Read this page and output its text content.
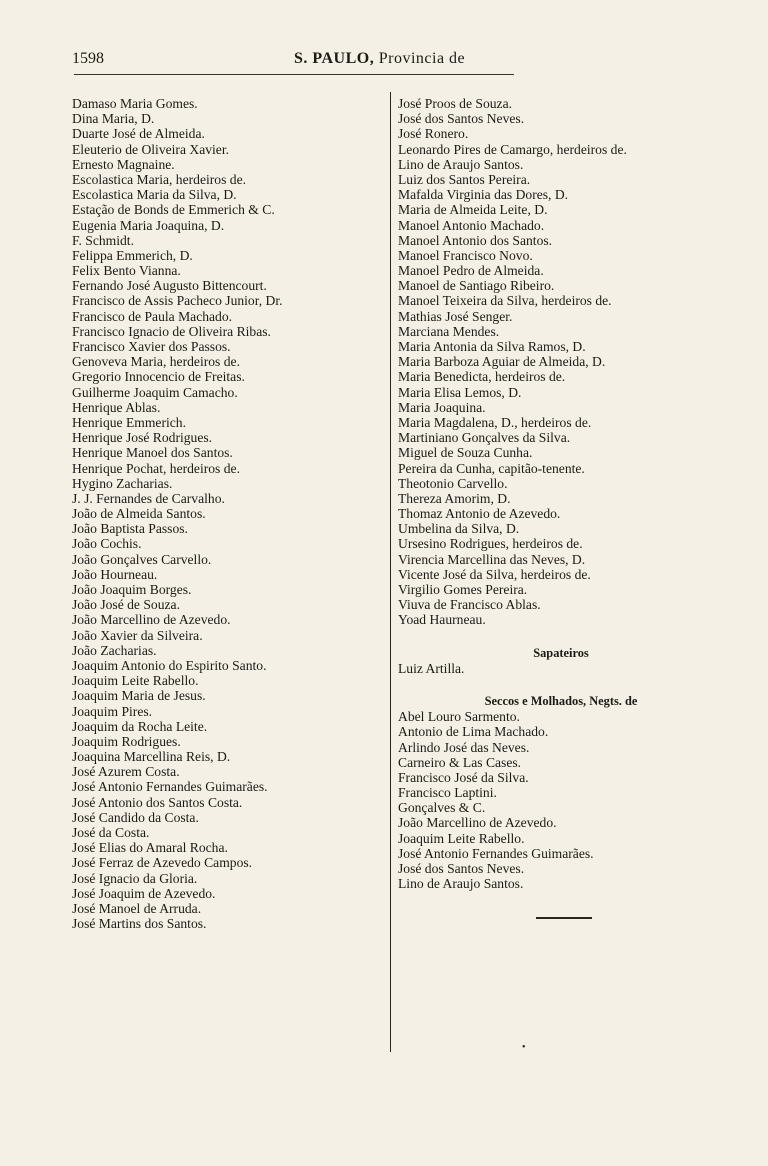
1598	S. PAULO, Provincia de
Damaso Maria Gomes.
Dina Maria, D.
Duarte José de Almeida.
Eleuterio de Oliveira Xavier.
Ernesto Magnaine.
Escolastica Maria, herdeiros de.
Escolastica Maria da Silva, D.
Estação de Bonds de Emmerich & C.
Eugenia Maria Joaquina, D.
F. Schmidt.
Felippa Emmerich, D.
Felix Bento Vianna.
Fernando José Augusto Bittencourt.
Francisco de Assis Pacheco Junior, Dr.
Francisco de Paula Machado.
Francisco Ignacio de Oliveira Ribas.
Francisco Xavier dos Passos.
Genoveva Maria, herdeiros de.
Gregorio Innocencio de Freitas.
Guilherme Joaquim Camacho.
Henrique Ablas.
Henrique Emmerich.
Henrique José Rodrigues.
Henrique Manoel dos Santos.
Henrique Pochat, herdeiros de.
Hygino Zacharias.
J. J. Fernandes de Carvalho.
João de Almeida Santos.
João Baptista Passos.
João Cochis.
João Gonçalves Carvello.
João Hourneau.
João Joaquim Borges.
João José de Souza.
João Marcellino de Azevedo.
João Xavier da Silveira.
João Zacharias.
Joaquim Antonio do Espirito Santo.
Joaquim Leite Rabello.
Joaquim Maria de Jesus.
Joaquim Pires.
Joaquim da Rocha Leite.
Joaquim Rodrigues.
Joaquina Marcellina Reis, D.
José Azurem Costa.
José Antonio Fernandes Guimarães.
José Antonio dos Santos Costa.
José Candido da Costa.
José da Costa.
José Elias do Amaral Rocha.
José Ferraz de Azevedo Campos.
José Ignacio da Gloria.
José Joaquim de Azevedo.
José Manoel de Arruda.
José Martins dos Santos.
José Proos de Souza.
José dos Santos Neves.
José Ronero.
Leonardo Pires de Camargo, herdeiros de.
Lino de Araujo Santos.
Luiz dos Santos Pereira.
Mafalda Virginia das Dores, D.
Maria de Almeida Leite, D.
Manoel Antonio Machado.
Manoel Antonio dos Santos.
Manoel Francisco Novo.
Manoel Pedro de Almeida.
Manoel de Santiago Ribeiro.
Manoel Teixeira da Silva, herdeiros de.
Mathias José Senger.
Marciana Mendes.
Maria Antonia da Silva Ramos, D.
Maria Barboza Aguiar de Almeida, D.
Maria Benedicta, herdeiros de.
Maria Elisa Lemos, D.
Maria Joaquina.
Maria Magdalena, D., herdeiros de.
Martiniano Gonçalves da Silva.
Miguel de Souza Cunha.
Pereira da Cunha, capitão-tenente.
Theotonio Carvello.
Thereza Amorim, D.
Thomaz Antonio de Azevedo.
Umbelina da Silva, D.
Ursesino Rodrigues, herdeiros de.
Virencia Marcellina das Neves, D.
Vicente José da Silva, herdeiros de.
Virgilio Gomes Pereira.
Viuva de Francisco Ablas.
Yoad Haurneau.
Sapateiros
Luiz Artilla.
Seccos e Molhados, Negts. de
Abel Louro Sarmento.
Antonio de Lima Machado.
Arlindo José das Neves.
Carneiro & Las Cases.
Francisco José da Silva.
Francisco Laptini.
Gonçalves & C.
João Marcellino de Azevedo.
Joaquim Leite Rabello.
José Antonio Fernandes Guimarães.
José dos Santos Neves.
Lino de Araujo Santos.
•
